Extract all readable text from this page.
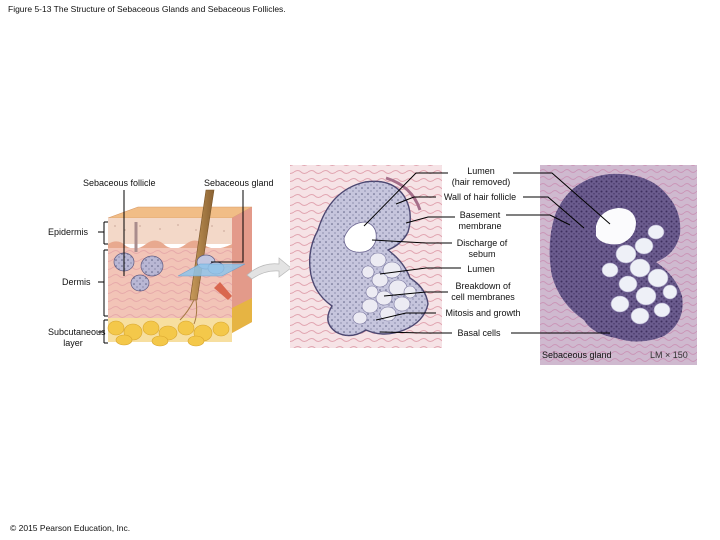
Figure 5-13 The Structure of Sebaceous Glands and Sebaceous Follicles.
Sebaceous follicle	Sebaceous gland
Epidermis
Dermis
Subcutaneous
layer
Lumen
(hair removed)
Wall of hair follicle
Basement
membrane
Discharge of
sebum
Lumen
Breakdown of
cell membranes
Mitosis and growth
Basal cells
Sebaceous gland	LM × 150
© 2015 Pearson Education, Inc.
